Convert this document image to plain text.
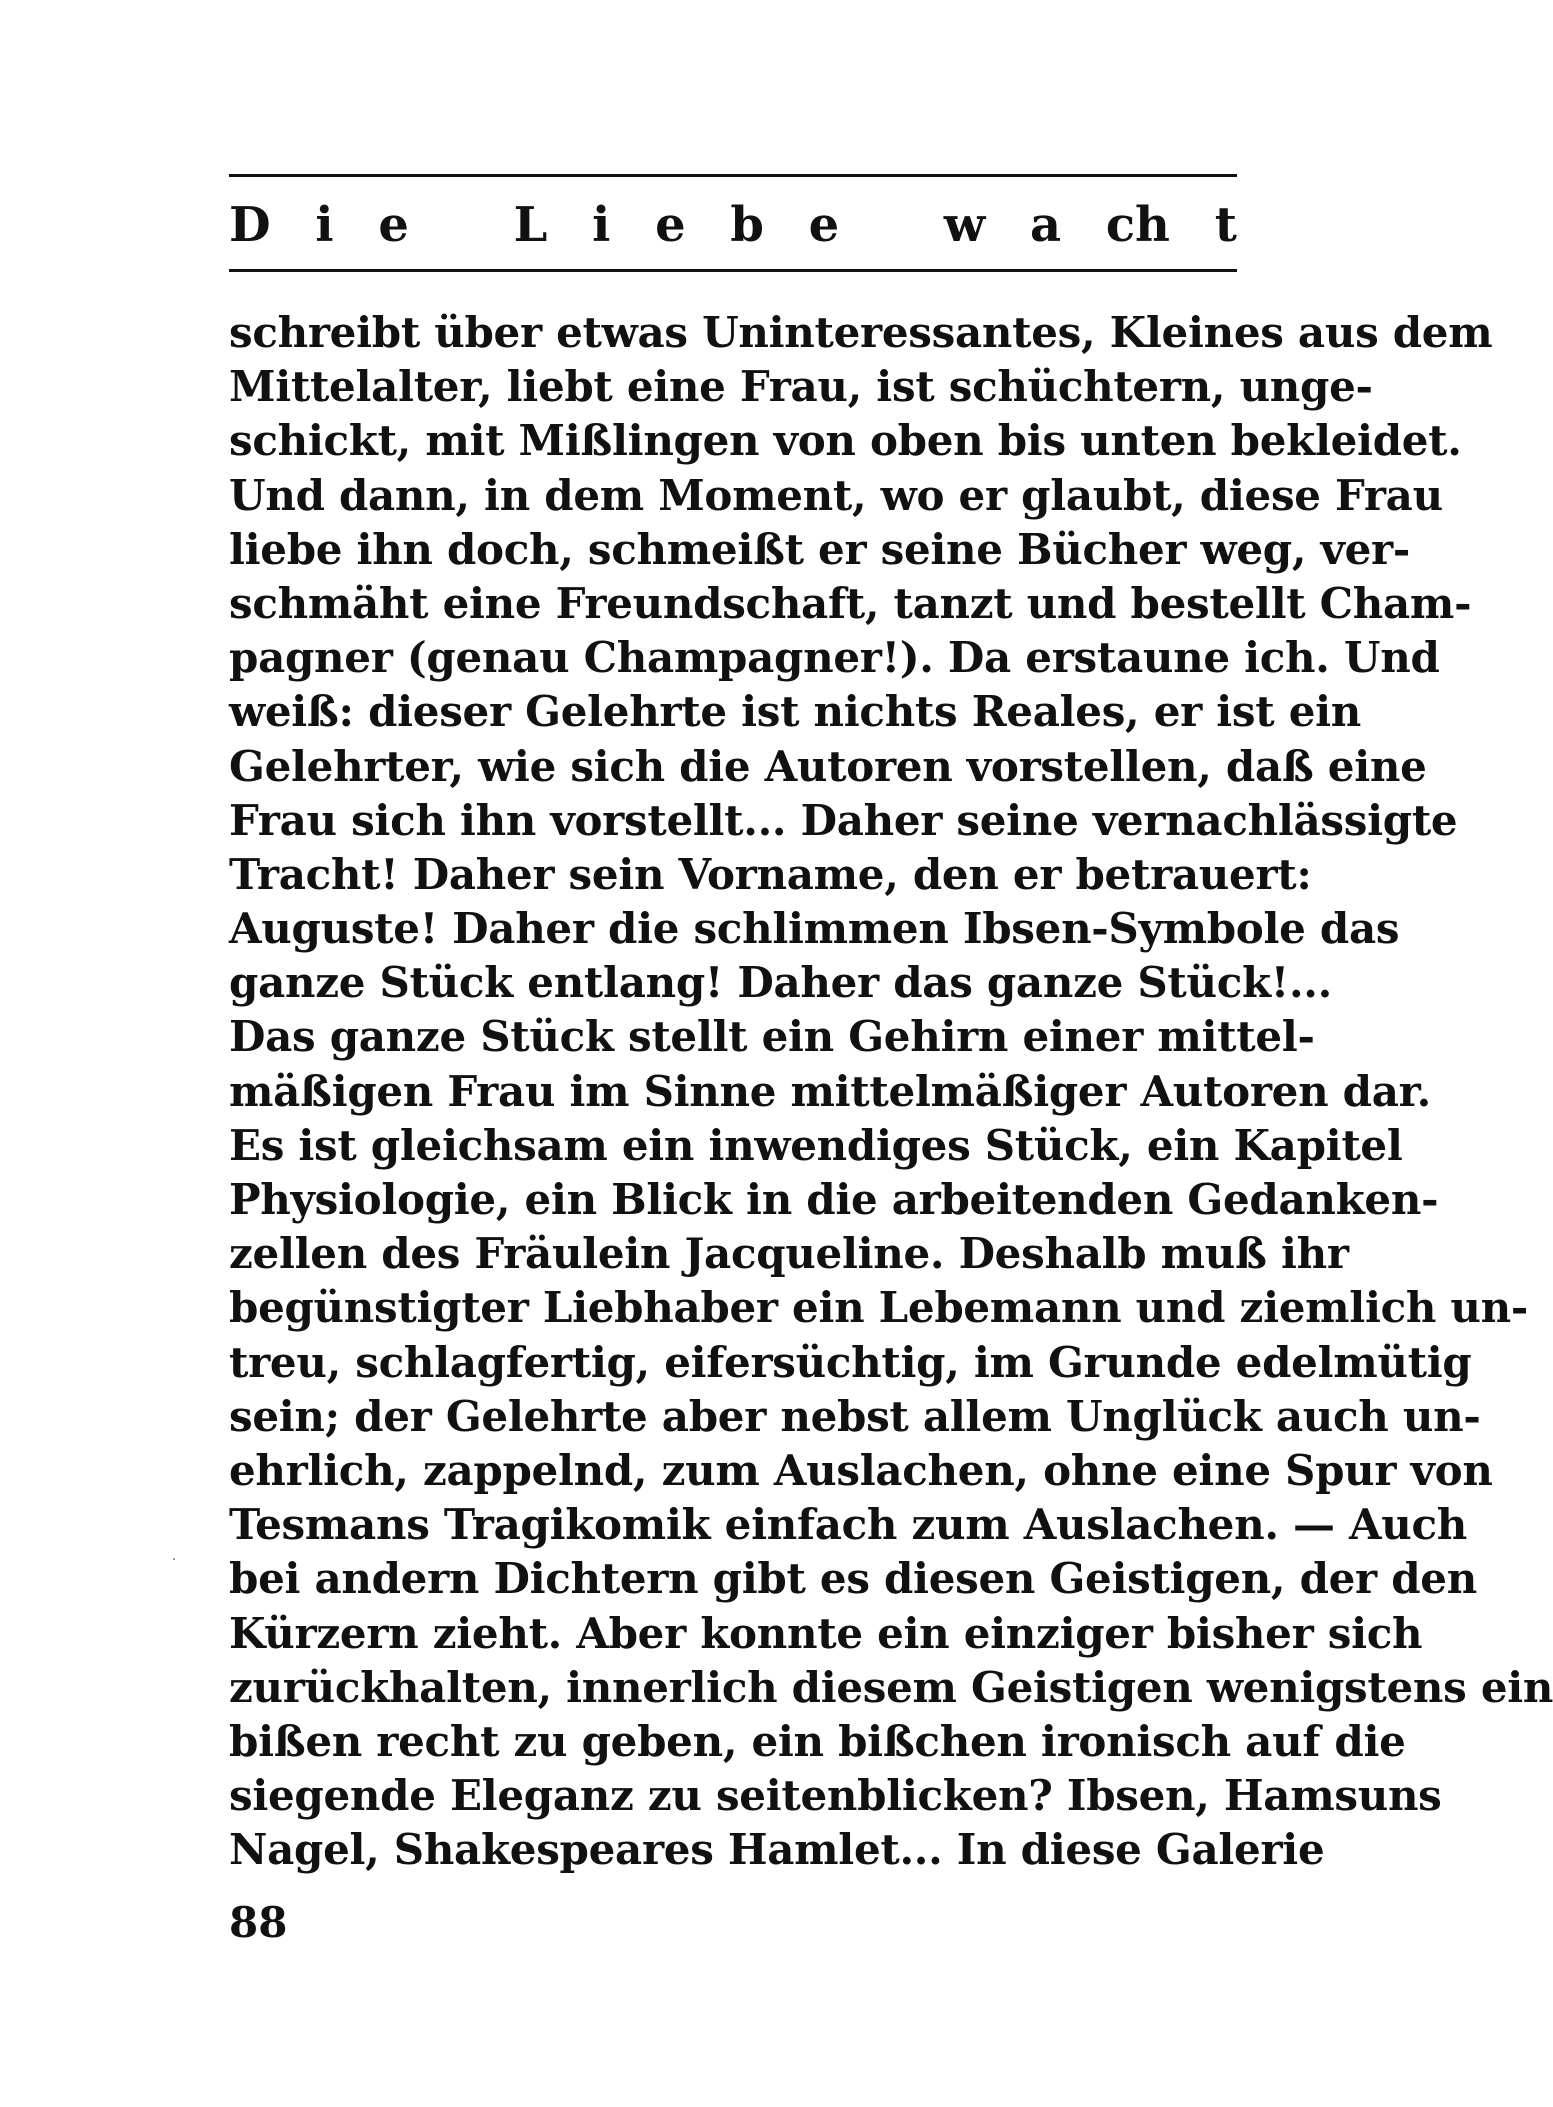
D i e L i e b e w a ch t
schreibt über etwas Uninteressantes, Kleines aus dem
Mittelalter, liebt eine Frau, ist schüchtern, unge-
schickt, mit Mißlingen von oben bis unten bekleidet.
Und dann, in dem Moment, wo er glaubt, diese Frau
liebe ihn doch, schmeißt er seine Bücher weg, ver-
schmäht eine Freundschaft, tanzt und bestellt Cham-
pagner (genau Champagner!). Da erstaune ich. Und
weiß: dieser Gelehrte ist nichts Reales, er ist ein
Gelehrter, wie sich die Autoren vorstellen, daß eine
Frau sich ihn vorstellt... Daher seine vernachlässigte
Tracht! Daher sein Vorname, den er betrauert:
Auguste! Daher die schlimmen Ibsen-Symbole das
ganze Stück entlang! Daher das ganze Stück!...
Das ganze Stück stellt ein Gehirn einer mittel-
mäßigen Frau im Sinne mittelmäßiger Autoren dar.
Es ist gleichsam ein inwendiges Stück, ein Kapitel
Physiologie, ein Blick in die arbeitenden Gedanken-
zellen des Fräulein Jacqueline. Deshalb muß ihr
begünstigter Liebhaber ein Lebemann und ziemlich un-
treu, schlagfertig, eifersüchtig, im Grunde edelmütig
sein; der Gelehrte aber nebst allem Unglück auch un-
ehrlich, zappelnd, zum Auslachen, ohne eine Spur von
Tesmans Tragikomik einfach zum Auslachen. — Auch
bei andern Dichtern gibt es diesen Geistigen, der den
Kürzern zieht. Aber konnte ein einziger bisher sich
zurückhalten, innerlich diesem Geistigen wenigstens ein
bißen recht zu geben, ein bißchen ironisch auf die
siegende Eleganz zu seitenblicken? Ibsen, Hamsuns
Nagel, Shakespeares Hamlet... In diese Galerie
88
